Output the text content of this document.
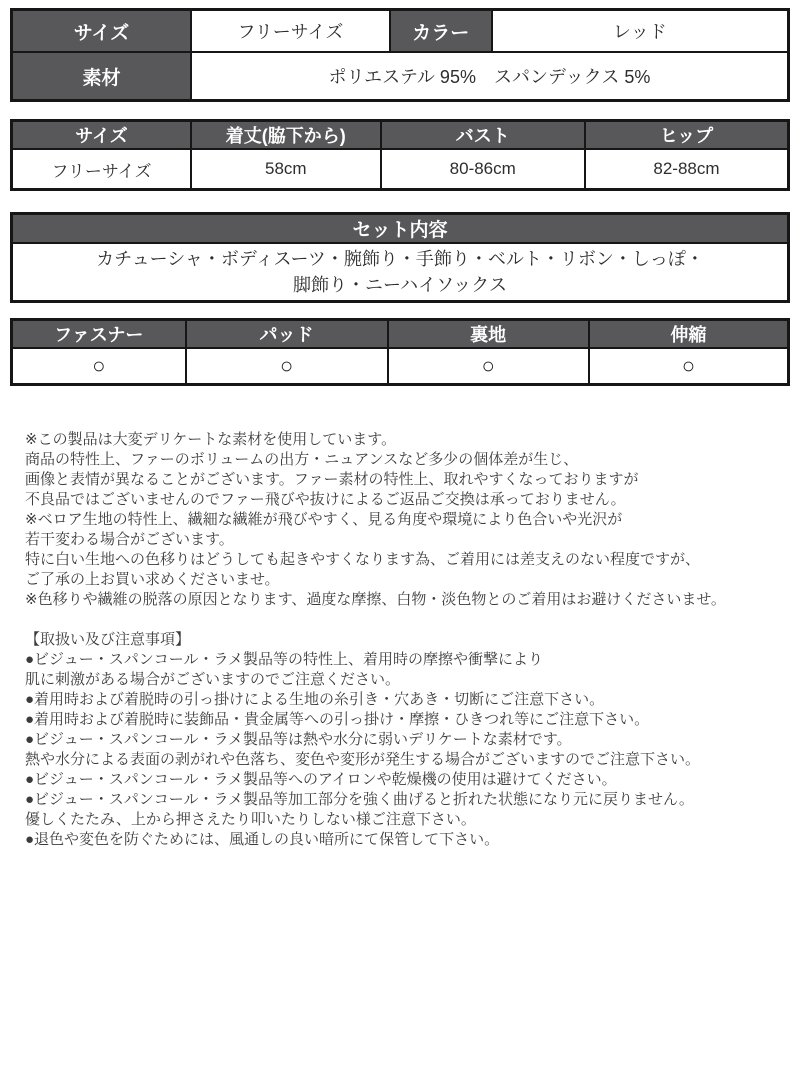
サイズ	フリーサイズ	カラー	レッド
素材	ポリエステル 95%　スパンデックス 5%		
サイズ	着丈(脇下から)	バスト	ヒップ
フリーサイズ	58cm	80-86cm	82-88cm
セット内容

カチューシャ・ボディスーツ・腕飾り・手飾り・ベルト・リボン・しっぽ・
脚飾り・ニーハイソックス
ファスナー	パッド	裏地	伸縮
○	○	○	○
※この製品は大変デリケートな素材を使用しています。
商品の特性上、ファーのボリュームの出方・ニュアンスなど多少の個体差が生じ、
画像と表情が異なることがございます。ファー素材の特性上、取れやすくなっておりますが
不良品ではございませんのでファー飛びや抜けによるご返品ご交換は承っておりません。
※ベロア生地の特性上、繊細な繊維が飛びやすく、見る角度や環境により色合いや光沢が
若干変わる場合がございます。
特に白い生地への色移りはどうしても起きやすくなります為、ご着用には差支えのない程度ですが、
ご了承の上お買い求めくださいませ。
※色移りや繊維の脱落の原因となります、過度な摩擦、白物・淡色物とのご着用はお避けくださいませ。
【取扱い及び注意事項】
●ビジュー・スパンコール・ラメ製品等の特性上、着用時の摩擦や衝撃により
肌に刺激がある場合がございますのでご注意ください。
●着用時および着脱時の引っ掛けによる生地の糸引き・穴あき・切断にご注意下さい。
●着用時および着脱時に装飾品・貴金属等への引っ掛け・摩擦・ひきつれ等にご注意下さい。
●ビジュー・スパンコール・ラメ製品等は熱や水分に弱いデリケートな素材です。
熱や水分による表面の剥がれや色落ち、変色や変形が発生する場合がございますのでご注意下さい。
●ビジュー・スパンコール・ラメ製品等へのアイロンや乾燥機の使用は避けてください。
●ビジュー・スパンコール・ラメ製品等加工部分を強く曲げると折れた状態になり元に戻りません。
優しくたたみ、上から押さえたり叩いたりしない様ご注意下さい。
●退色や変色を防ぐためには、風通しの良い暗所にて保管して下さい。
